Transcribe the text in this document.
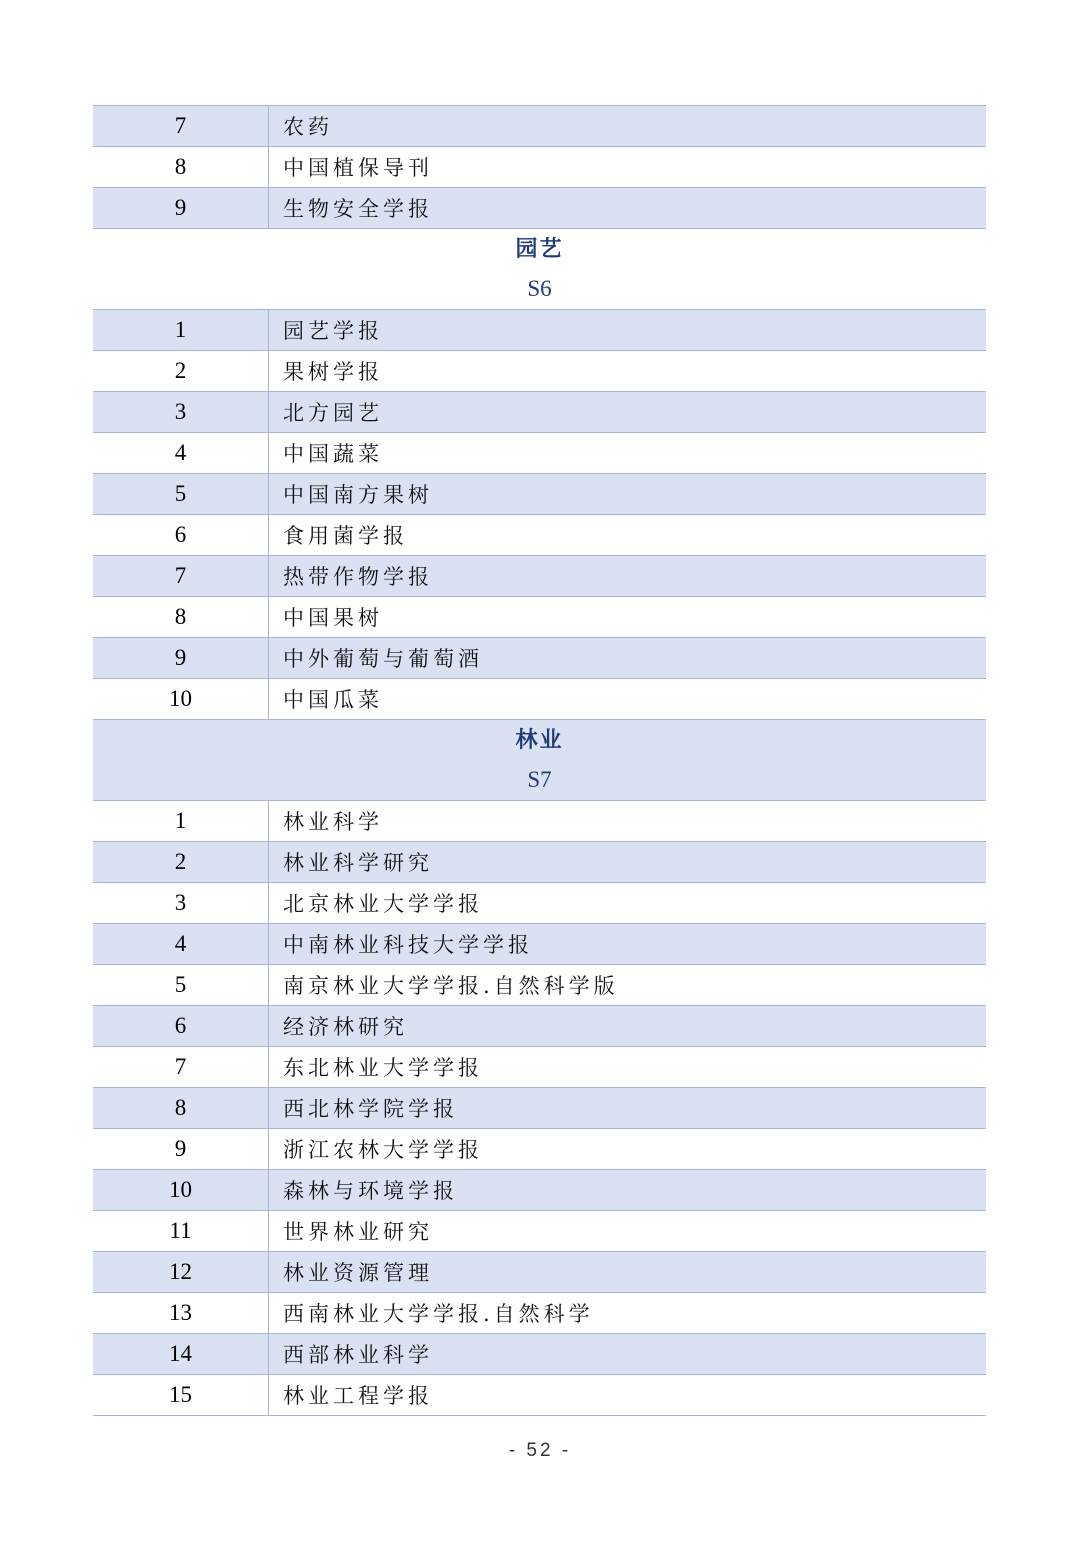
7	农药
8	中国植保导刊
9	生物安全学报
园艺
S6
1	园艺学报
2	果树学报
3	北方园艺
4	中国蔬菜
5	中国南方果树
6	食用菌学报
7	热带作物学报
8	中国果树
9	中外葡萄与葡萄酒
10	中国瓜菜
林业
S7
1	林业科学
2	林业科学研究
3	北京林业大学学报
4	中南林业科技大学学报
5	南京林业大学学报.自然科学版
6	经济林研究
7	东北林业大学学报
8	西北林学院学报
9	浙江农林大学学报
10	森林与环境学报
11	世界林业研究
12	林业资源管理
13	西南林业大学学报.自然科学
14	西部林业科学
15	林业工程学报
- 52 -
